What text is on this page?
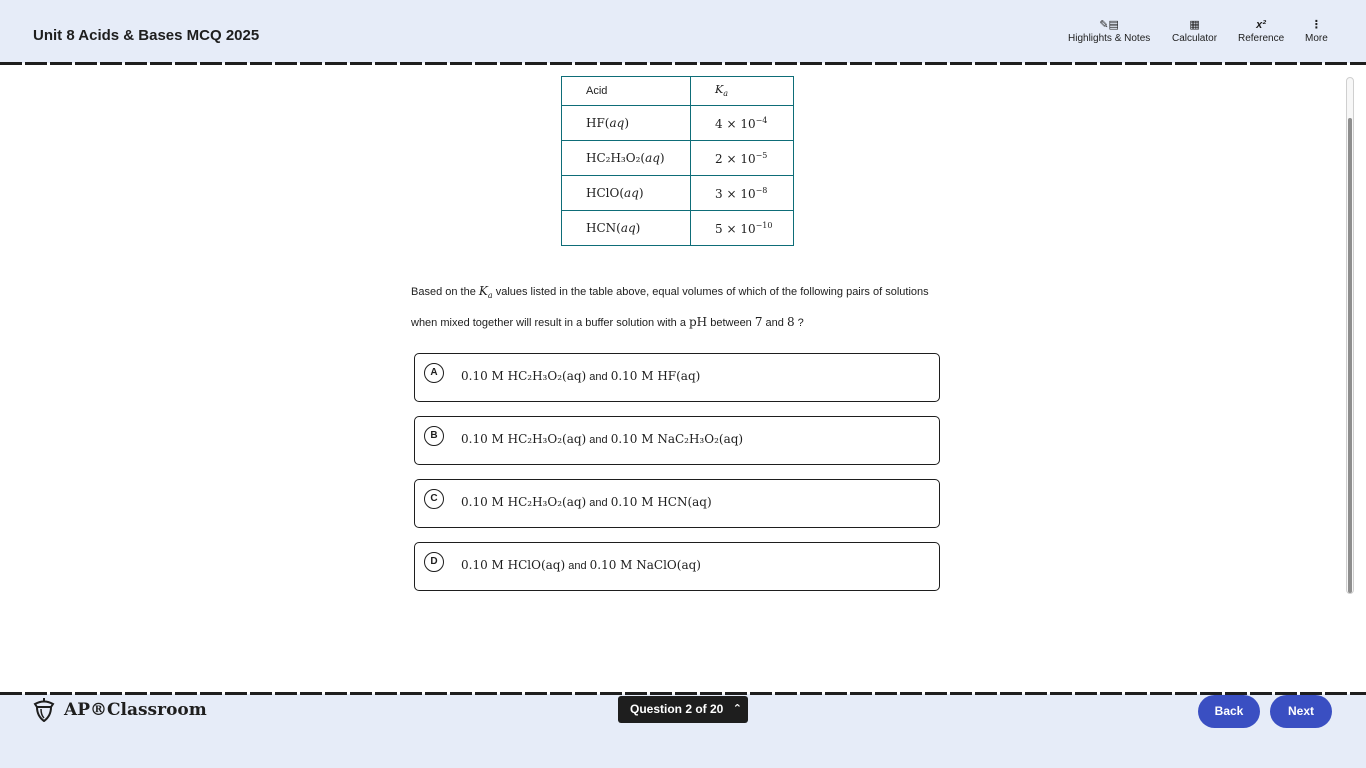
Unit 8 Acids & Bases MCQ 2025
✎▤
Highlights & Notes
▦
Calculator
x²
Reference
⋮
More
Acid	$K_a$
HF(aq)	$4 \times 10^{-4}$
HC₂H₃O₂(aq)	$2 \times 10^{-5}$
HClO(aq)	$3 \times 10^{-8}$
HCN(aq)	$5 \times 10^{-10}$
Based on the $K_a$ values listed in the table above, equal volumes of which of the following pairs of solutions when mixed together will result in a buffer solution with a pH between 7 and 8 ?
A	0.10 M HC₂H₃O₂(aq) and 0.10 M HF(aq)
B	0.10 M HC₂H₃O₂(aq) and 0.10 M NaC₂H₃O₂(aq)
C	0.10 M HC₂H₃O₂(aq) and 0.10 M HCN(aq)
D	0.10 M HClO(aq) and 0.10 M NaClO(aq)
AP®Classroom	Question 2 of 20 ⌃	Back	Next
